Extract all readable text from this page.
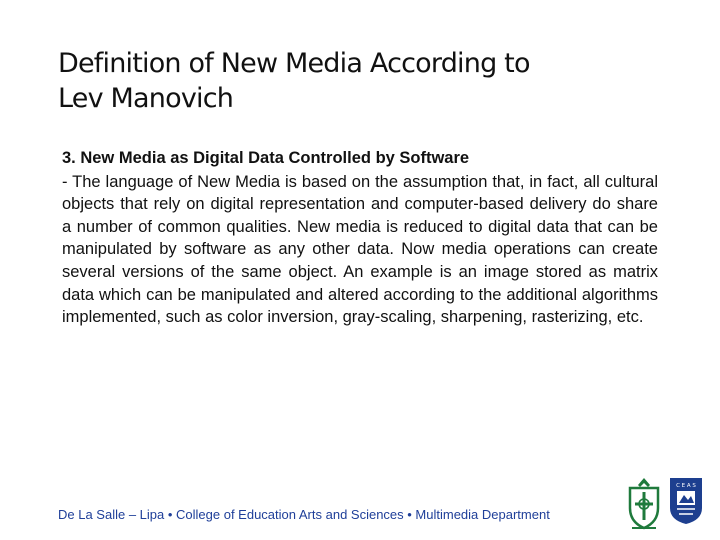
Definition of New Media According to
Lev Manovich
3. New Media as Digital Data Controlled by Software
- The language of New Media is based on the assumption that, in fact, all cultural objects that rely on digital representation and computer-based delivery do share a number of common qualities. New media is reduced to digital data that can be manipulated by software as any other data. Now media operations can create several versions of the same object. An example is an image stored as matrix data which can be manipulated and altered according to the additional algorithms implemented, such as color inversion, gray-scaling, sharpening, rasterizing, etc.
De La Salle – Lipa • College of Education Arts and Sciences • Multimedia Department
C E A S
